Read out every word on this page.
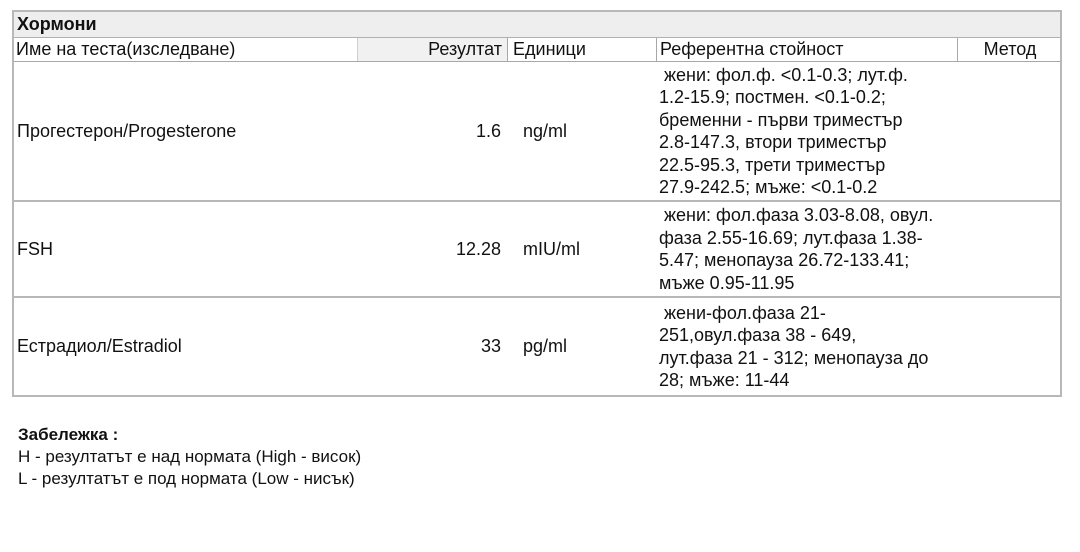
Хормони
Име на теста(изследване)	Резултат Единици	Референтна стойност	Метод
Прогестерон/Progesterone	1.6	ng/ml
жени: фол.ф. <0.1-0.3; лут.ф.
1.2-15.9; постмен. <0.1-0.2;
бременни - първи триместър
2.8-147.3, втори триместър
22.5-95.3, трети триместър
27.9-242.5; мъже: <0.1-0.2
FSH	12.28	mIU/ml
жени: фол.фаза 3.03-8.08, овул.
фаза 2.55-16.69; лут.фаза 1.38-
5.47; менопауза 26.72-133.41;
мъже 0.95-11.95
Естрадиол/Estradiol	33	pg/ml
жени-фол.фаза 21-
251,овул.фаза 38 - 649,
лут.фаза 21 - 312; менопауза до
28; мъже: 11-44
Забележка :
H - резултатът е над нормата (High - висок)
L - резултатът е под нормата (Low - нисък)
